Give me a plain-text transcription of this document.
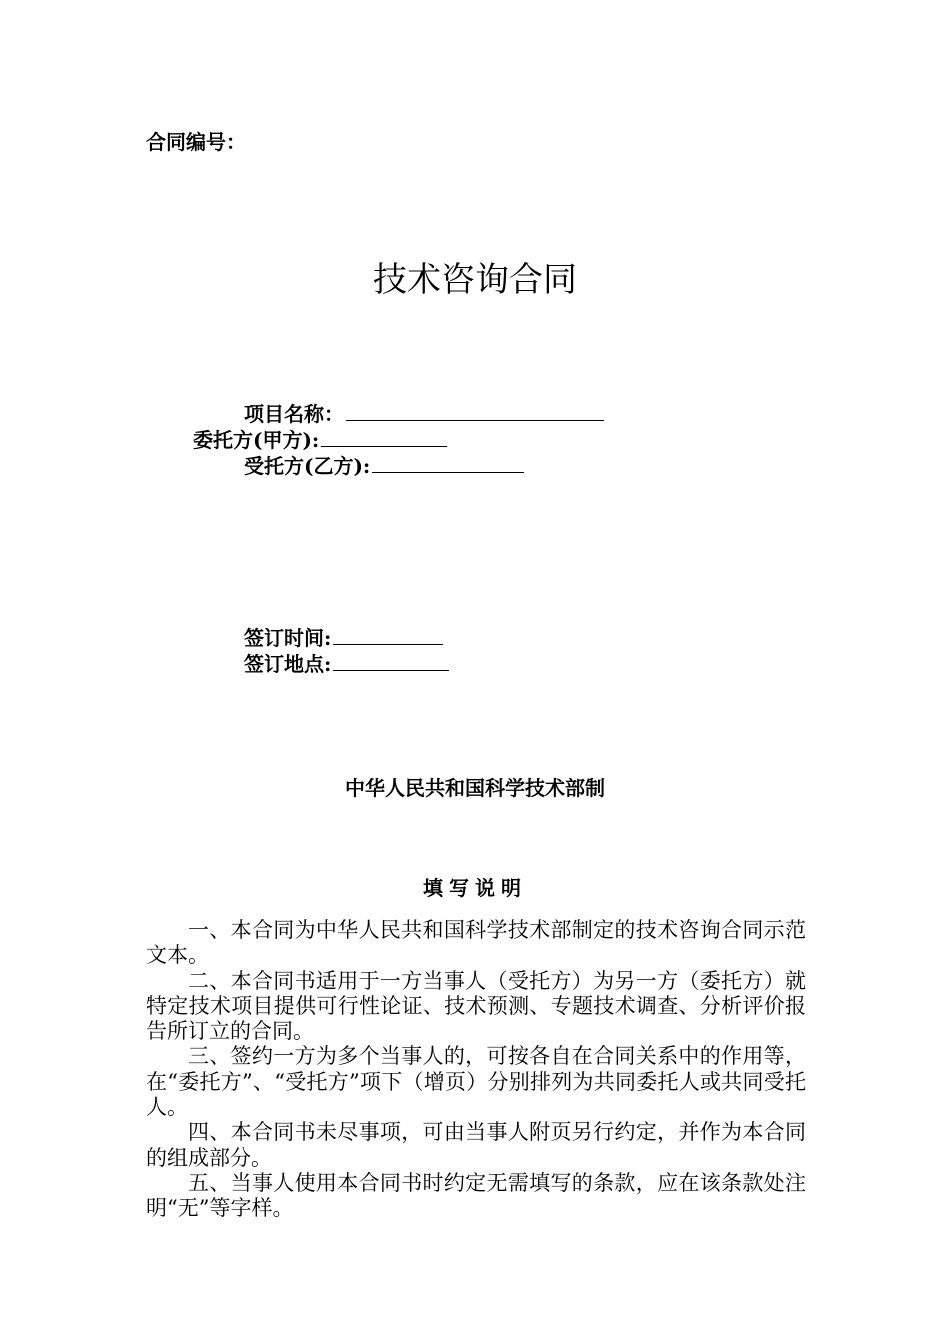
合同编号：
技术咨询合同
项目名称：
委托方(甲方):
受托方(乙方):
签订时间:
签订地点:
中华人民共和国科学技术部制
填写说明

一、本合同为中华人民共和国科学技术部制定的技术咨询合同示范文本。

二、本合同书适用于一方当事人（受托方）为另一方（委托方）就特定技术项目提供可行性论证、技术预测、专题技术调查、分析评价报告所订立的合同。

三、签约一方为多个当事人的，可按各自在合同关系中的作用等，在“委托方”、“受托方”项下（增页）分别排列为共同委托人或共同受托人。

四、本合同书未尽事项，可由当事人附页另行约定，并作为本合同的组成部分。

五、当事人使用本合同书时约定无需填写的条款，应在该条款处注明“无”等字样。
